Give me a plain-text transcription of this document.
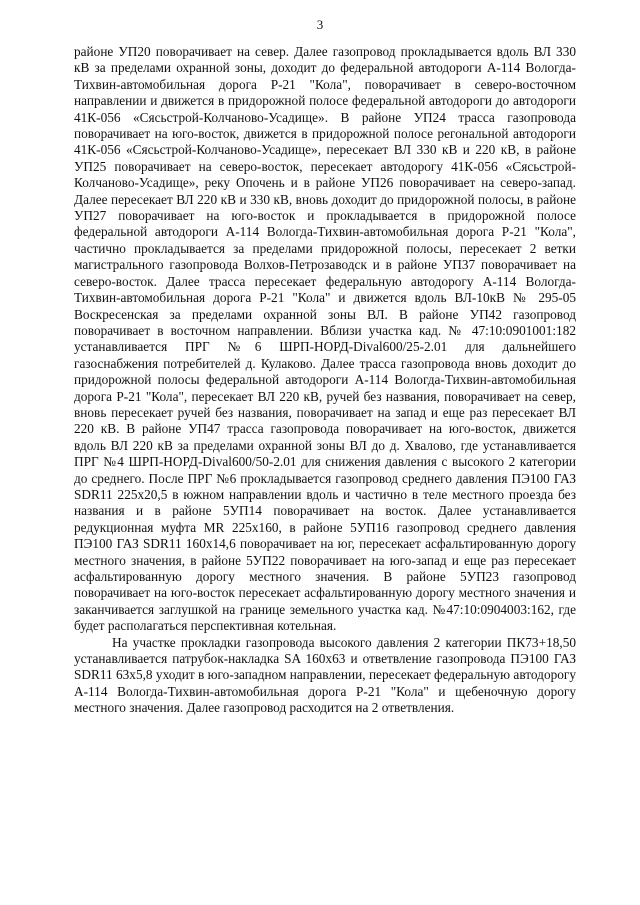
3

районе УП20 поворачивает на север. Далее газопровод прокладывается вдоль ВЛ 330 кВ за пределами охранной зоны, доходит до федеральной автодороги А-114 Вологда-Тихвин-автомобильная дорога Р-21 "Кола", поворачивает в северо-восточном направлении и движется в придорожной полосе федеральной автодороги до автодороги 41К-056 «Сясьстрой-Колчаново-Усадище». В районе УП24 трасса газопровода поворачивает на юго-восток, движется в придорожной полосе регональной автодороги 41К-056 «Сясьстрой-Колчаново-Усадище», пересекает ВЛ 330 кВ и 220 кВ, в районе УП25 поворачивает на северо-восток, пересекает автодорогу 41К-056 «Сясьстрой-Колчаново-Усадище», реку Опочень и в районе УП26 поворачивает на северо-запад. Далее пересекает ВЛ 220 кВ и 330 кВ, вновь доходит до придорожной полосы, в районе УП27 поворачивает на юго-восток и прокладывается в придорожной полосе федеральной автодороги А-114 Вологда-Тихвин-автомобильная дорога Р-21 "Кола", частично прокладывается за пределами придорожной полосы, пересекает 2 ветки магистрального газопровода Волхов-Петрозаводск и в районе УП37 поворачивает на северо-восток. Далее трасса пересекает федеральную автодорогу А-114 Вологда-Тихвин-автомобильная дорога Р-21 "Кола" и движется вдоль ВЛ-10кВ № 295-05 Воскресенская за пределами охранной зоны ВЛ. В районе УП42 газопровод поворачивает в восточном направлении. Вблизи участка кад. № 47:10:0901001:182 устанавливается ПРГ №6 ШРП-НОРД-Dival600/25-2.01 для дальнейшего газоснабжения потребителей д. Кулаково. Далее трасса газопровода вновь доходит до придорожной полосы федеральной автодороги А-114 Вологда-Тихвин-автомобильная дорога Р-21 "Кола", пересекает ВЛ 220 кВ, ручей без названия, поворачивает на север, вновь пересекает ручей без названия, поворачивает на запад и еще раз пересекает ВЛ 220 кВ. В районе УП47 трасса газопровода поворачивает на юго-восток, движется вдоль ВЛ 220 кВ за пределами охранной зоны ВЛ до д. Хвалово, где устанавливается ПРГ №4 ШРП-НОРД-Dival600/50-2.01 для снижения давления с высокого 2 категории до среднего. После ПРГ №6 прокладывается газопровод среднего давления ПЭ100 ГАЗ SDR11 225x20,5 в южном направлении вдоль и частично в теле местного проезда без названия и в районе 5УП14 поворачивает на восток. Далее устанавливается редукционная муфта MR 225x160, в районе 5УП16 газопровод среднего давления ПЭ100 ГАЗ SDR11 160x14,6 поворачивает на юг, пересекает асфальтированную дорогу местного значения, в районе 5УП22 поворачивает на юго-запад и еще раз пересекает асфальтированную дорогу местного значения. В районе 5УП23 газопровод поворачивает на юго-восток пересекает асфальтированную дорогу местного значения и заканчивается заглушкой на границе земельного участка кад. №47:10:0904003:162, где будет располагаться перспективная котельная.

На участке прокладки газопровода высокого давления 2 категории ПК73+18,50 устанавливается патрубок-накладка SA 160x63 и ответвление газопровода ПЭ100 ГАЗ SDR11 63x5,8 уходит в юго-западном направлении, пересекает федеральную автодорогу А-114 Вологда-Тихвин-автомобильная дорога Р-21 "Кола" и щебеночную дорогу местного значения. Далее газопровод расходится на 2 ответвления.
